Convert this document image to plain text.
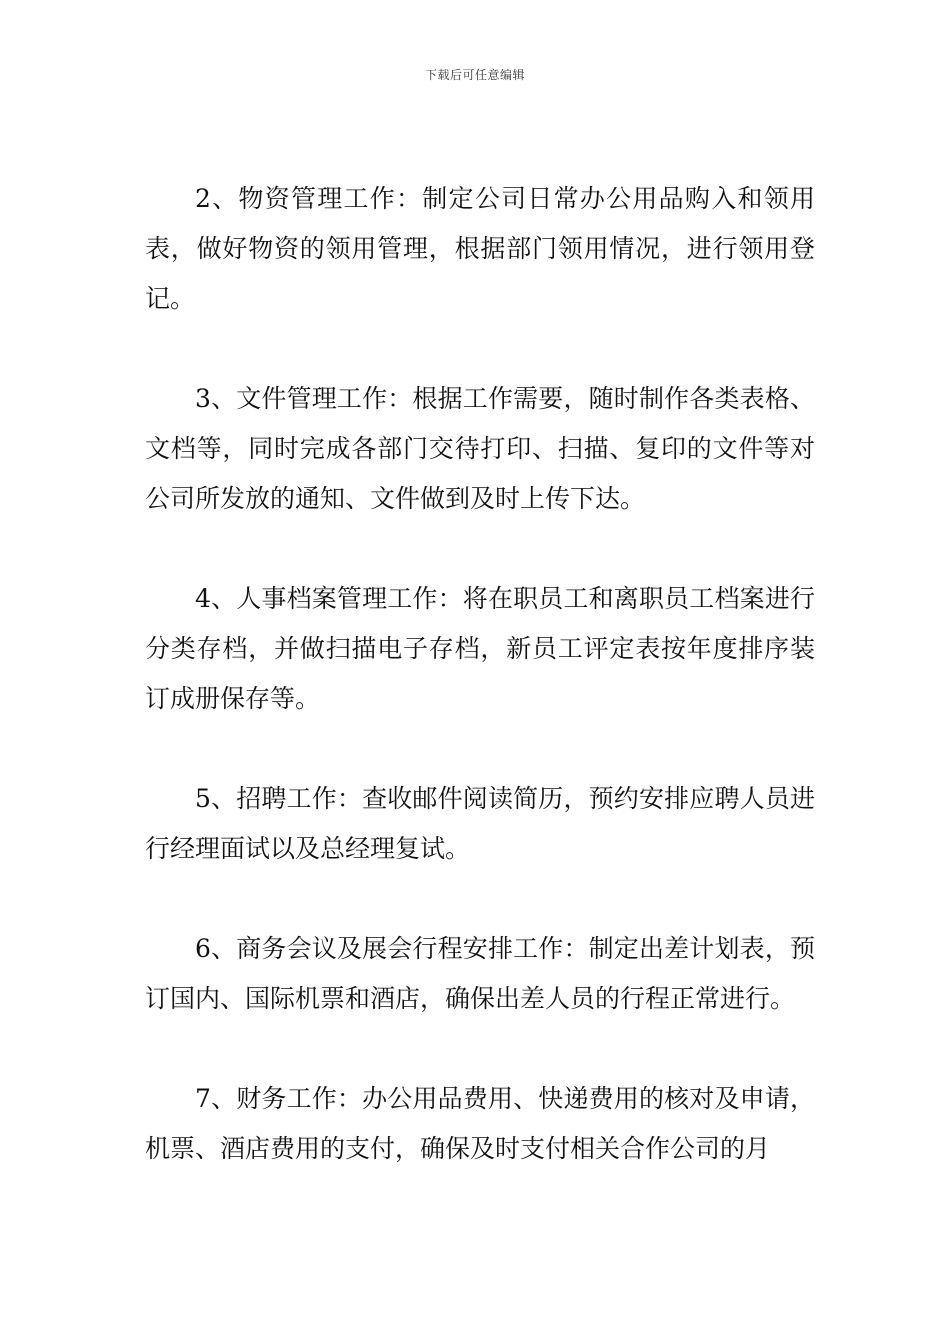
下载后可任意编辑

2、物资管理工作：制定公司日常办公用品购入和领用表，做好物资的领用管理，根据部门领用情况，进行领用登记。

3、文件管理工作：根据工作需要，随时制作各类表格、文档等，同时完成各部门交待打印、扫描、复印的文件等对公司所发放的通知、文件做到及时上传下达。

4、人事档案管理工作：将在职员工和离职员工档案进行分类存档，并做扫描电子存档，新员工评定表按年度排序装订成册保存等。

5、招聘工作：查收邮件阅读简历，预约安排应聘人员进行经理面试以及总经理复试。

6、商务会议及展会行程安排工作：制定出差计划表，预订国内、国际机票和酒店，确保出差人员的行程正常进行。

7、财务工作：办公用品费用、快递费用的核对及申请，机票、酒店费用的支付，确保及时支付相关合作公司的月
